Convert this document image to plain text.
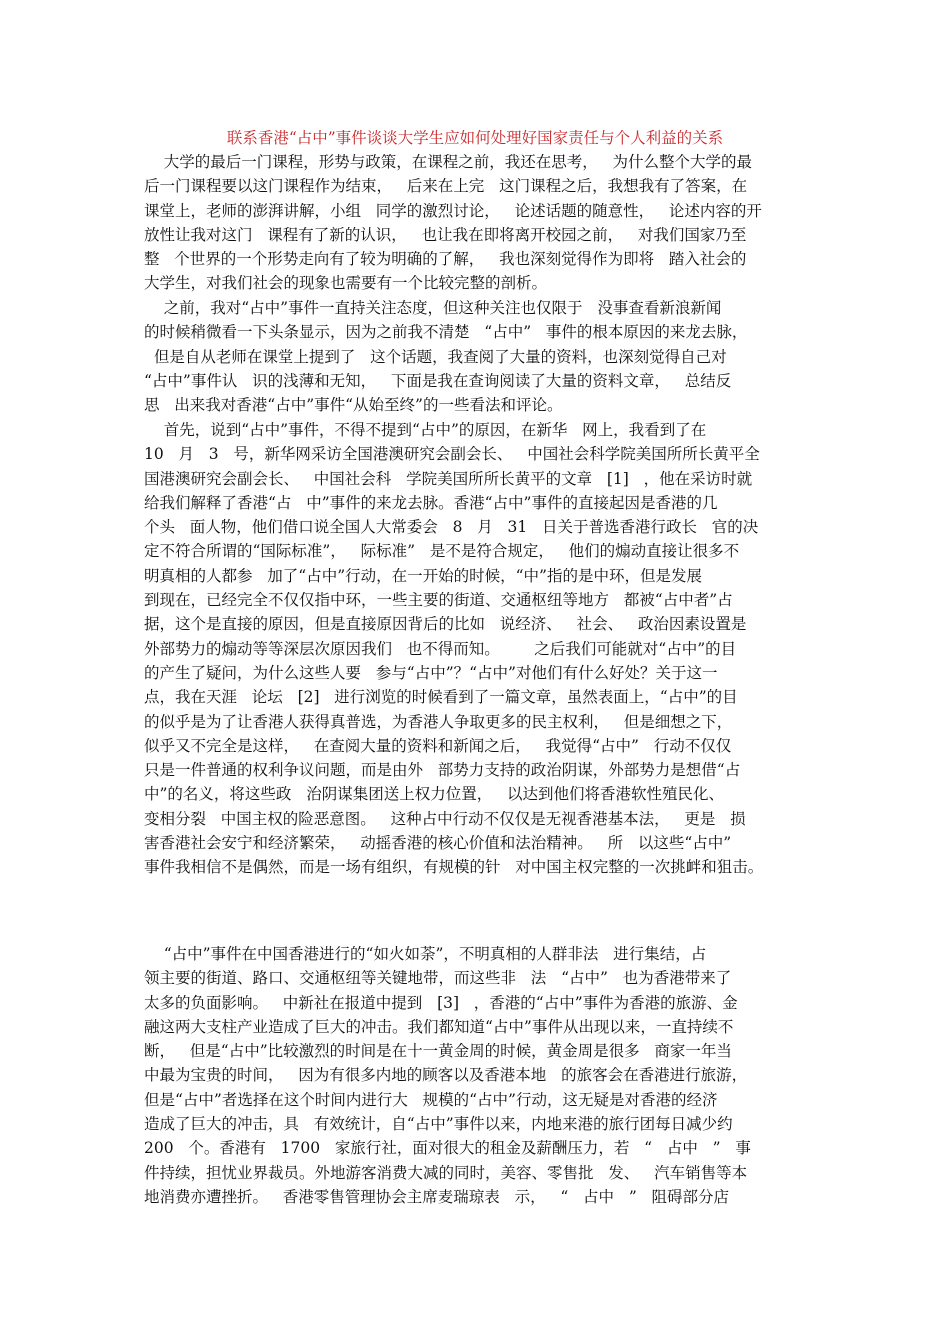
联系香港“占中”事件谈谈大学生应如何处理好国家责任与个人利益的关系
大学的最后一门课程，形势与政策，在课程之前，我还在思考，   为什么整个大学的最
后一门课程要以这门课程作为结束，   后来在上完   这门课程之后，我想我有了答案，在
课堂上，老师的澎湃讲解，小组   同学的激烈讨论，   论述话题的随意性，   论述内容的开
放性让我对这门   课程有了新的认识，   也让我在即将离开校园之前，   对我们国家乃至
整   个世界的一个形势走向有了较为明确的了解，   我也深刻觉得作为即将   踏入社会的
大学生，对我们社会的现象也需要有一个比较完整的剖析。
之前，我对“占中”事件一直持关注态度，但这种关注也仅限于   没事查看新浪新闻
的时候稍微看一下头条显示，因为之前我不清楚   “占中”   事件的根本原因的来龙去脉，
但是自从老师在课堂上提到了   这个话题，我查阅了大量的资料，也深刻觉得自己对
“占中”事件认   识的浅薄和无知，   下面是我在查询阅读了大量的资料文章，   总结反
思   出来我对香港“占中”事件“从始至终”的一些看法和评论。
首先，说到“占中”事件，不得不提到“占中”的原因，在新华   网上，我看到了在
10   月   3   号，新华网采访全国港澳研究会副会长、   中国社会科学院美国所所长黄平全
国港澳研究会副会长、   中国社会科   学院美国所所长黄平的文章   [1]   ，他在采访时就
给我们解释了香港“占   中”事件的来龙去脉。香港“占中”事件的直接起因是香港的几
个头   面人物，他们借口说全国人大常委会   8   月   31   日关于普选香港行政长   官的决
定不符合所谓的“国际标准”，   际标准”   是不是符合规定，   他们的煽动直接让很多不
明真相的人都参   加了“占中”行动，在一开始的时候，“中”指的是中环，但是发展
到现在，已经完全不仅仅指中环，一些主要的街道、交通枢纽等地方   都被“占中者”占
据，这个是直接的原因，但是直接原因背后的比如   说经济、   社会、   政治因素设置是
外部势力的煽动等等深层次原因我们   也不得而知。       之后我们可能就对“占中”的目
的产生了疑问，为什么这些人要   参与“占中”？“占中”对他们有什么好处？关于这一
点，我在天涯   论坛   [2]   进行浏览的时候看到了一篇文章，虽然表面上，“占中”的目
的似乎是为了让香港人获得真普选，为香港人争取更多的民主权利，   但是细想之下，
似乎又不完全是这样，   在查阅大量的资料和新闻之后，   我觉得“占中”   行动不仅仅
只是一件普通的权利争议问题，而是由外   部势力支持的政治阴谋，外部势力是想借“占
中”的名义，将这些政   治阴谋集团送上权力位置，   以达到他们将香港软性殖民化、
变相分裂   中国主权的险恶意图。   这种占中行动不仅仅是无视香港基本法，   更是   损
害香港社会安宁和经济繁荣，   动摇香港的核心价值和法治精神。   所   以这些“占中”
事件我相信不是偶然，而是一场有组织，有规模的针   对中国主权完整的一次挑衅和狙击。
“占中”事件在中国香港进行的“如火如荼”，不明真相的人群非法   进行集结，占
领主要的街道、路口、交通枢纽等关键地带，而这些非   法   “占中”   也为香港带来了
太多的负面影响。   中新社在报道中提到   [3]   ，香港的“占中”事件为香港的旅游、金
融这两大支柱产业造成了巨大的冲击。我们都知道“占中”事件从出现以来，一直持续不
断，   但是“占中”比较激烈的时间是在十一黄金周的时候，黄金周是很多   商家一年当
中最为宝贵的时间，   因为有很多内地的顾客以及香港本地   的旅客会在香港进行旅游，
但是“占中”者选择在这个时间内进行大   规模的“占中”行动，这无疑是对香港的经济
造成了巨大的冲击，具   有效统计，自“占中”事件以来，内地来港的旅行团每日减少约
200   个。香港有   1700   家旅行社，面对很大的租金及薪酬压力，若   “   占中   ”   事
件持续，担忧业界裁员。外地游客消费大减的同时，美容、零售批   发、   汽车销售等本
地消费亦遭挫折。   香港零售管理协会主席麦瑞琼表   示，   “   占中   ”   阻碍部分店
